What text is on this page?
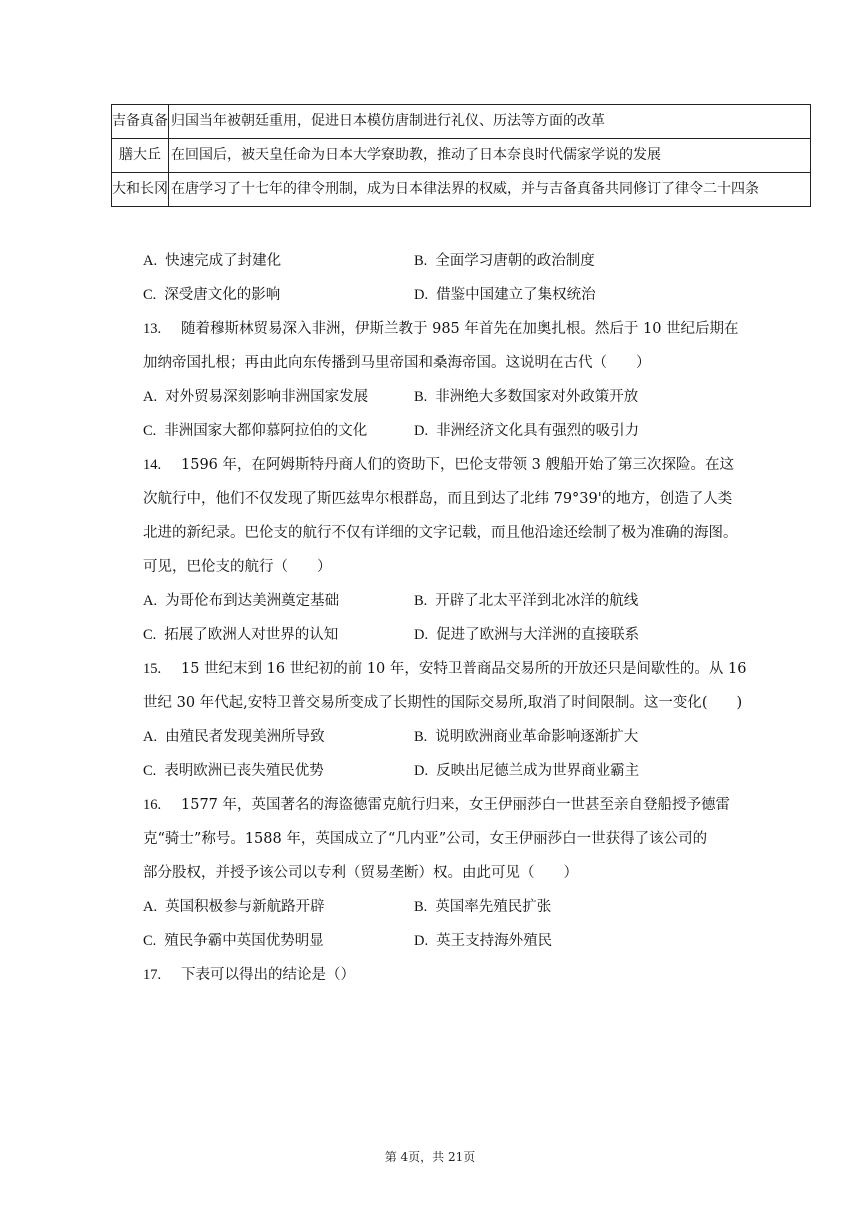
吉备真备	归国当年被朝廷重用，促进日本模仿唐制进行礼仪、历法等方面的改革
膳大丘	在回国后，被天皇任命为日本大学寮助教，推动了日本奈良时代儒家学说的发展
大和长冈	在唐学习了十七年的律令刑制，成为日本律法界的权威，并与吉备真备共同修订了律令二十四条
A. 快速完成了封建化	B. 全面学习唐朝的政治制度
C. 深受唐文化的影响	D. 借鉴中国建立了集权统治
13. 随着穆斯林贸易深入非洲，伊斯兰教于 985 年首先在加奥扎根。然后于 10 世纪后期在
加纳帝国扎根；再由此向东传播到马里帝国和桑海帝国。这说明在古代（　　）
A. 对外贸易深刻影响非洲国家发展	B. 非洲绝大多数国家对外政策开放
C. 非洲国家大都仰慕阿拉伯的文化	D. 非洲经济文化具有强烈的吸引力
14. 1596 年，在阿姆斯特丹商人们的资助下，巴伦支带领 3 艘船开始了第三次探险。在这
次航行中，他们不仅发现了斯匹兹卑尔根群岛，而且到达了北纬 79°39'的地方，创造了人类
北进的新纪录。巴伦支的航行不仅有详细的文字记载，而且他沿途还绘制了极为准确的海图。
可见，巴伦支的航行（　　）
A. 为哥伦布到达美洲奠定基础	B. 开辟了北太平洋到北冰洋的航线
C. 拓展了欧洲人对世界的认知	D. 促进了欧洲与大洋洲的直接联系
15. 15 世纪末到 16 世纪初的前 10 年，安特卫普商品交易所的开放还只是间歇性的。从 16
世纪 30 年代起,安特卫普交易所变成了长期性的国际交易所,取消了时间限制。这一变化(　　)
A. 由殖民者发现美洲所导致	B. 说明欧洲商业革命影响逐渐扩大
C. 表明欧洲已丧失殖民优势	D. 反映出尼德兰成为世界商业霸主
16. 1577 年，英国著名的海盗德雷克航行归来，女王伊丽莎白一世甚至亲自登船授予德雷
克“骑士”称号。1588 年，英国成立了“几内亚”公司，女王伊丽莎白一世获得了该公司的
部分股权，并授予该公司以专利（贸易垄断）权。由此可见（　　）
A. 英国积极参与新航路开辟	B. 英国率先殖民扩张
C. 殖民争霸中英国优势明显	D. 英王支持海外殖民
17. 下表可以得出的结论是（）
第 4页，共 21页
